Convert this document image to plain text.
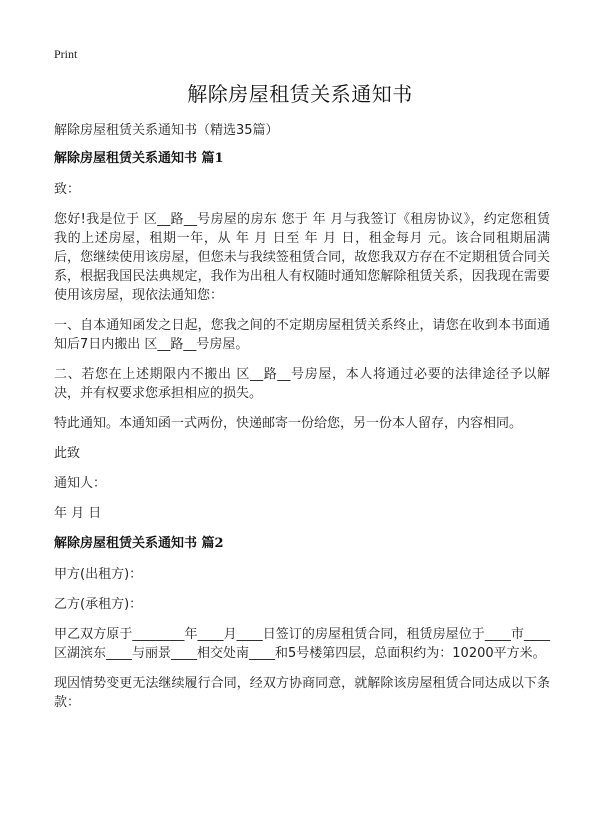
Print
解除房屋租赁关系通知书
解除房屋租赁关系通知书（精选35篇）
解除房屋租赁关系通知书 篇1
致：

您好!我是位于 区__路__号房屋的房东 您于 年 月与我签订《租房协议》，约定您租赁我的上述房屋，租期一年，从 年 月 日至 年 月 日，租金每月 元。该合同租期届满后，您继续使用该房屋，但您未与我续签租赁合同，故您我双方存在不定期租赁合同关系，根据我国民法典规定，我作为出租人有权随时通知您解除租赁关系，因我现在需要使用该房屋，现依法通知您：

一、自本通知函发之日起，您我之间的不定期房屋租赁关系终止，请您在收到本书面通知后7日内搬出 区__路__号房屋。

二、若您在上述期限内不搬出 区__路__号房屋，本人将通过必要的法律途径予以解决，并有权要求您承担相应的损失。

特此通知。本通知函一式两份，快递邮寄一份给您，另一份本人留存，内容相同。

此致
通知人：
年 月 日
解除房屋租赁关系通知书 篇2
甲方(出租方)：
乙方(承租方)：

甲乙双方原于________年____月____日签订的房屋租赁合同，租赁房屋位于____市____区湖滨东____与丽景____相交处南____和5号楼第四层，总面积约为：10200平方米。

现因情势变更无法继续履行合同，经双方协商同意，就解除该房屋租赁合同达成以下条款：
